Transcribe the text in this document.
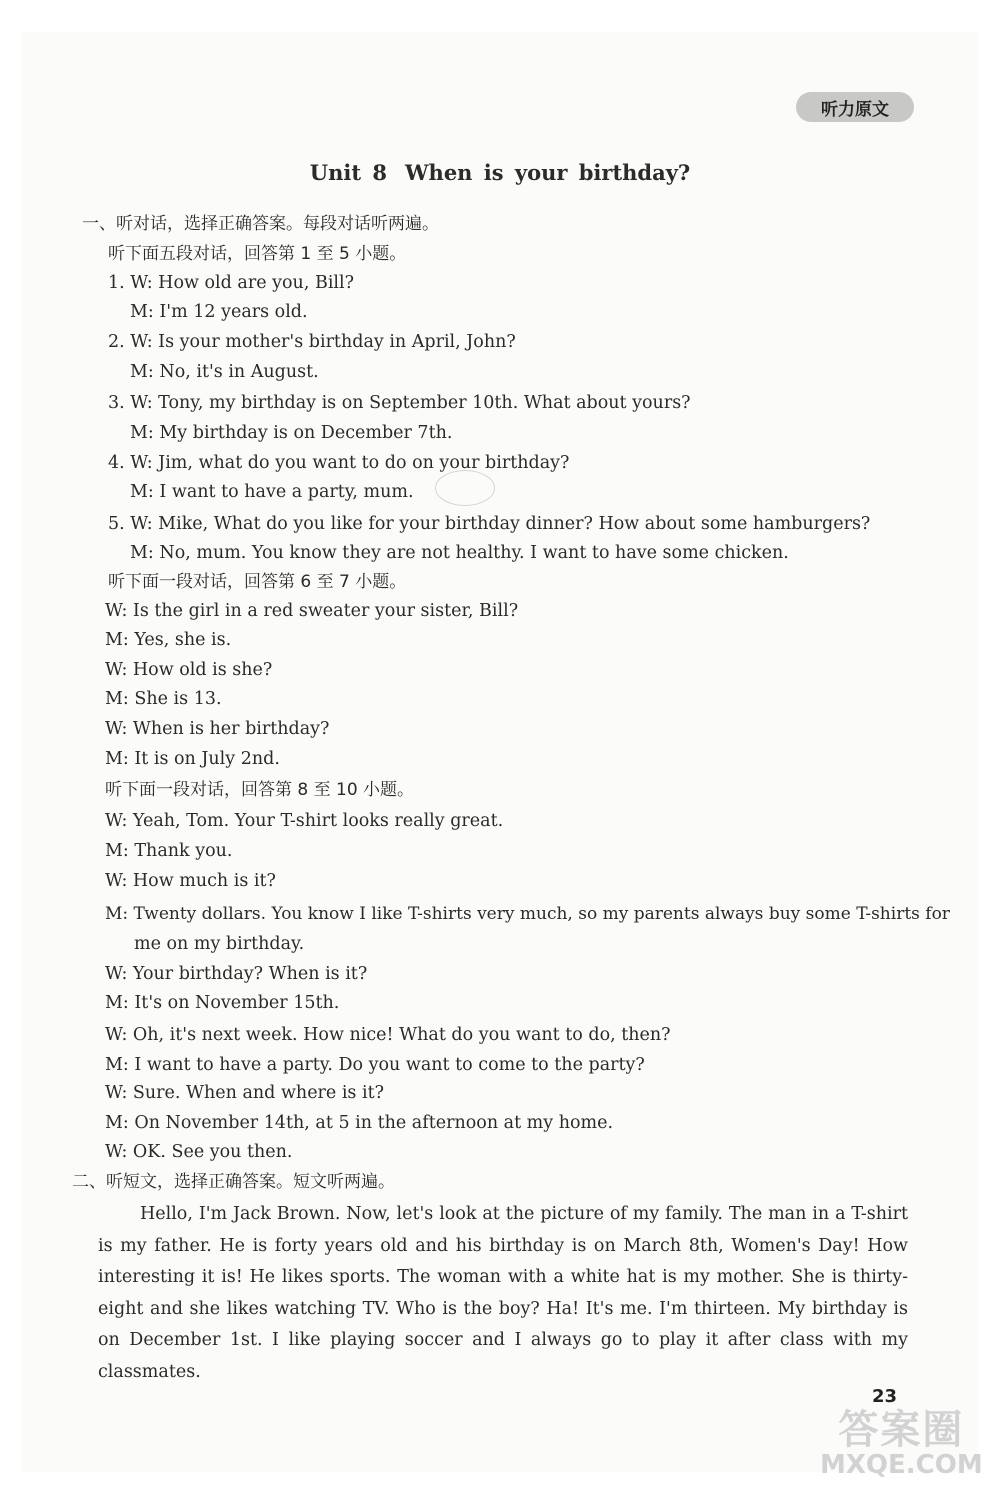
听力原文
Unit 8 When is your birthday?
一、听对话，选择正确答案。每段对话听两遍。
听下面五段对话，回答第 1 至 5 小题。
1. W: How old are you, Bill?
M: I'm 12 years old.
2. W: Is your mother's birthday in April, John?
M: No, it's in August.
3. W: Tony, my birthday is on September 10th. What about yours?
M: My birthday is on December 7th.
4. W: Jim, what do you want to do on your birthday?
M: I want to have a party, mum.
5. W: Mike, What do you like for your birthday dinner? How about some hamburgers?
M: No, mum. You know they are not healthy. I want to have some chicken.
听下面一段对话，回答第 6 至 7 小题。
W: Is the girl in a red sweater your sister, Bill?
M: Yes, she is.
W: How old is she?
M: She is 13.
W: When is her birthday?
M: It is on July 2nd.
听下面一段对话，回答第 8 至 10 小题。
W: Yeah, Tom. Your T-shirt looks really great.
M: Thank you.
W: How much is it?
M: Twenty dollars. You know I like T-shirts very much, so my parents always buy some T-shirts for
me on my birthday.
W: Your birthday? When is it?
M: It's on November 15th.
W: Oh, it's next week. How nice! What do you want to do, then?
M: I want to have a party. Do you want to come to the party?
W: Sure. When and where is it?
M: On November 14th, at 5 in the afternoon at my home.
W: OK. See you then.
二、听短文，选择正确答案。短文听两遍。
Hello, I'm Jack Brown. Now, let's look at the picture of my family. The man in a T-shirt is my father. He is forty years old and his birthday is on March 8th, Women's Day! How interesting it is! He likes sports. The woman with a white hat is my mother. She is thirty-eight and she likes watching TV. Who is the boy? Ha! It's me. I'm thirteen. My birthday is on December 1st. I like playing soccer and I always go to play it after class with my classmates.
23
答案圈
MXQE.COM
